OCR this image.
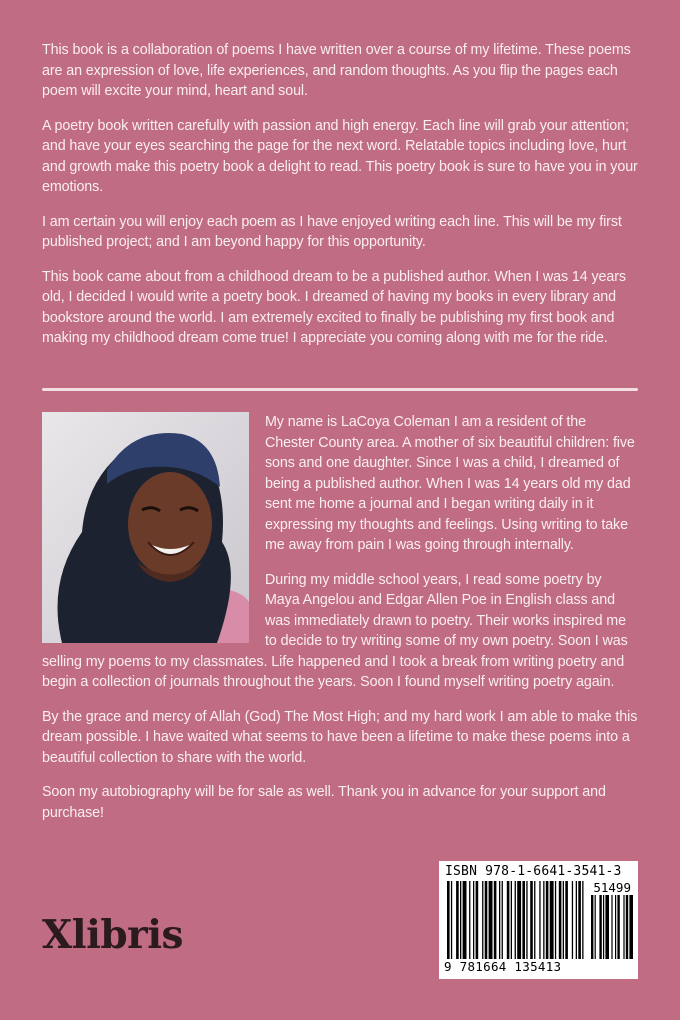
This book is a collaboration of poems I have written over a course of my lifetime. These poems are an expression of love, life experiences, and random thoughts. As you flip the pages each poem will excite your mind, heart and soul.

A poetry book written carefully with passion and high energy. Each line will grab your attention; and have your eyes searching the page for the next word. Relatable topics including love, hurt and growth make this poetry book a delight to read. This poetry book is sure to have you in your emotions.

I am certain you will enjoy each poem as I have enjoyed writing each line. This will be my first published project; and I am beyond happy for this opportunity.

This book came about from a childhood dream to be a published author. When I was 14 years old, I decided I would write a poetry book. I dreamed of having my books in every library and bookstore around the world. I am extremely excited to finally be publishing my first book and making my childhood dream come true! I appreciate you coming along with me for the ride.

My name is LaCoya Coleman I am a resident of the Chester County area. A mother of six beautiful children: five sons and one daughter. Since I was a child, I dreamed of being a published author. When I was 14 years old my dad sent me home a journal and I began writing daily in it expressing my thoughts and feelings. Using writing to take me away from pain I was going through internally.

During my middle school years, I read some poetry by Maya Angelou and Edgar Allen Poe in English class and was immediately drawn to poetry. Their works inspired me to decide to try writing some of my own poetry. Soon I was selling my poems to my classmates. Life happened and I took a break from writing poetry and begin a collection of journals throughout the years. Soon I found myself writing poetry again.

By the grace and mercy of Allah (God) The Most High; and my hard work I am able to make this dream possible. I have waited what seems to have been a lifetime to make these poems into a beautiful collection to share with the world.

Soon my autobiography will be for sale as well. Thank you in advance for your support and purchase!

Xlibris
ISBN 978-1-6641-3541-3
51499
9 781664 135413
